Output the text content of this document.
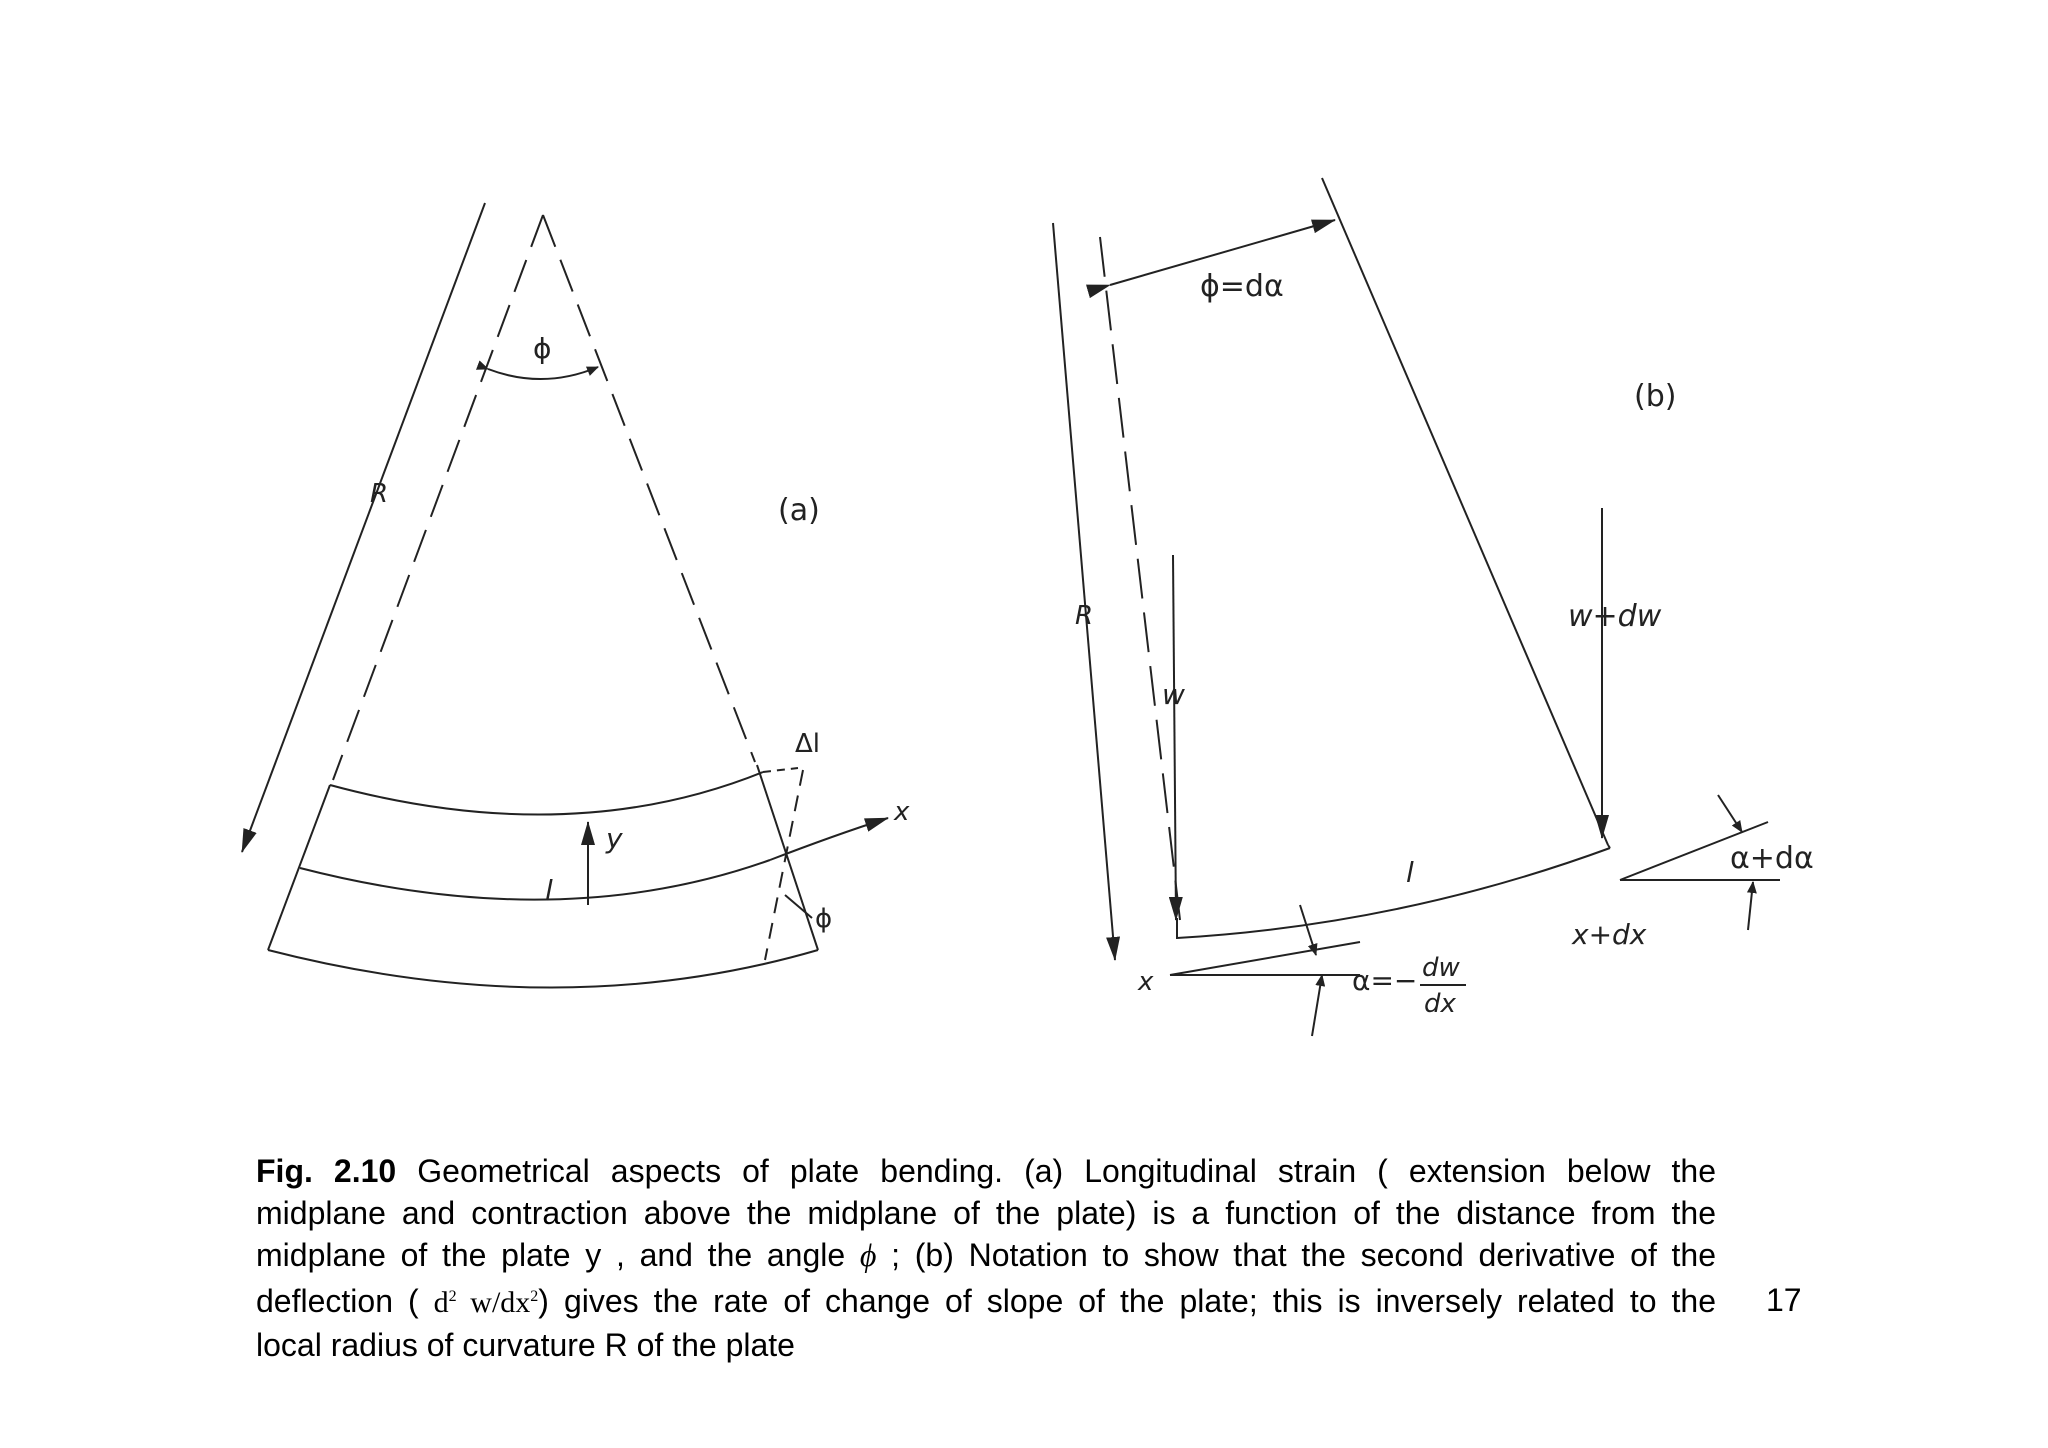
R
ϕ
(a)
Δl
y
x
l
ϕ
ϕ=dα
(b)
R
w
w+dw
l	α+dα
x+dx
x	α=− dw
dx
Fig. 2.10 Geometrical aspects of plate bending. (a) Longitudinal strain ( extension below the
midplane and contraction above the midplane of the plate) is a function of the distance from the
midplane of the plate y , and the angle ϕ ; (b) Notation to show that the second derivative of the
deflection ( $d^2$ $w/dx^2$) gives the rate of change of slope of the plate; this is inversely related to the
local radius of curvature R of the plate
17
